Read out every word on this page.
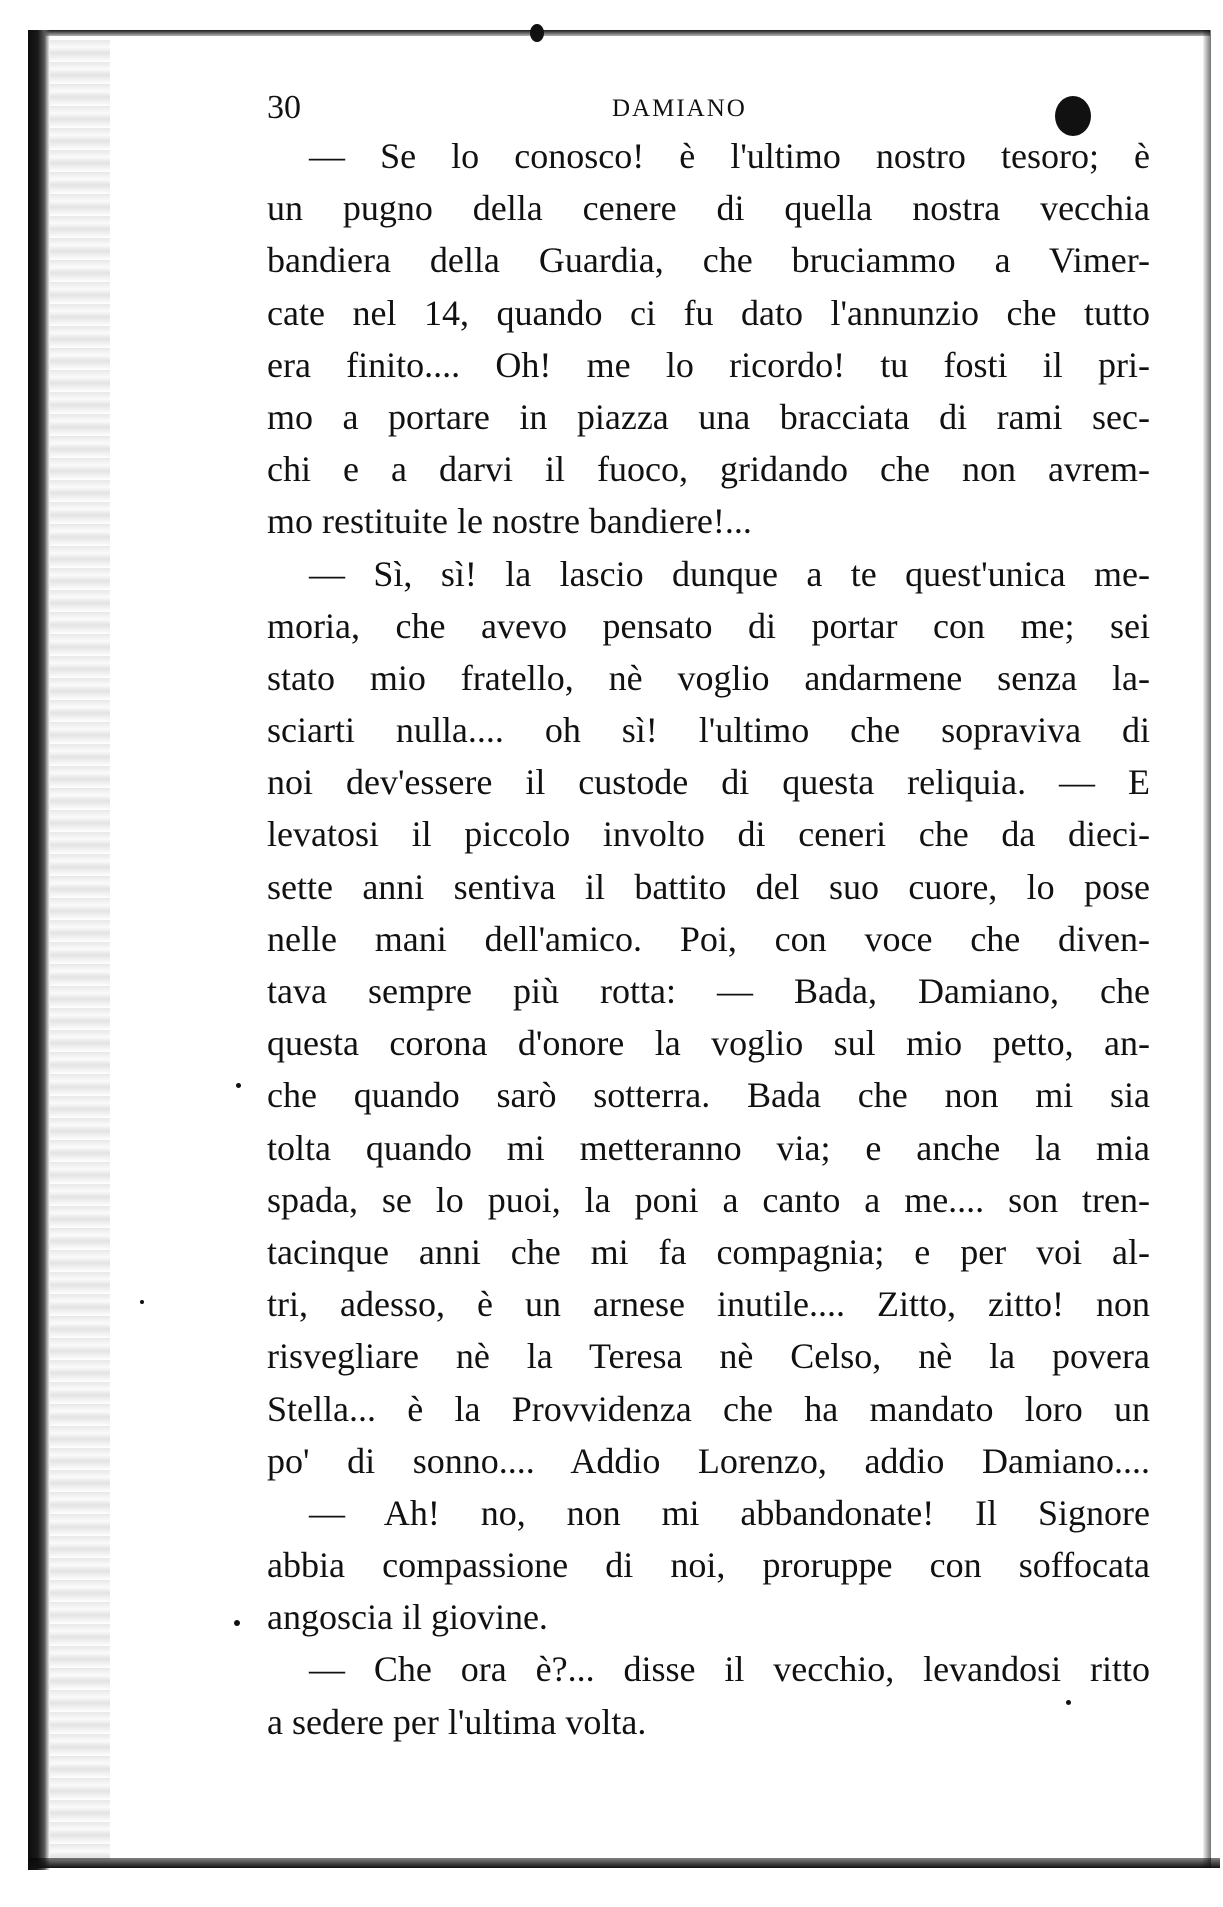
30	DAMIANO
— Se lo conosco! è l'ultimo nostro tesoro; è
un pugno della cenere di quella nostra vecchia
bandiera della Guardia, che bruciammo a Vimer-
cate nel 14, quando ci fu dato l'annunzio che tutto
era finito.... Oh! me lo ricordo! tu fosti il pri-
mo a portare in piazza una bracciata di rami sec-
chi e a darvi il fuoco, gridando che non avrem-
mo restituite le nostre bandiere!...
— Sì, sì! la lascio dunque a te quest'unica me-
moria, che avevo pensato di portar con me; sei
stato mio fratello, nè voglio andarmene senza la-
sciarti nulla.... oh sì! l'ultimo che sopraviva di
noi dev'essere il custode di questa reliquia. — E
levatosi il piccolo involto di ceneri che da dieci-
sette anni sentiva il battito del suo cuore, lo pose
nelle mani dell'amico. Poi, con voce che diven-
tava sempre più rotta: — Bada, Damiano, che
questa corona d'onore la voglio sul mio petto, an-
che quando sarò sotterra. Bada che non mi sia
tolta quando mi metteranno via; e anche la mia
spada, se lo puoi, la poni a canto a me.... son tren-
tacinque anni che mi fa compagnia; e per voi al-
tri, adesso, è un arnese inutile.... Zitto, zitto! non
risvegliare nè la Teresa nè Celso, nè la povera
Stella... è la Provvidenza che ha mandato loro un
po' di sonno.... Addio Lorenzo, addio Damiano....
— Ah! no, non mi abbandonate! Il Signore
abbia compassione di noi, proruppe con soffocata
angoscia il giovine.
— Che ora è?... disse il vecchio, levandosi ritto
a sedere per l'ultima volta.
